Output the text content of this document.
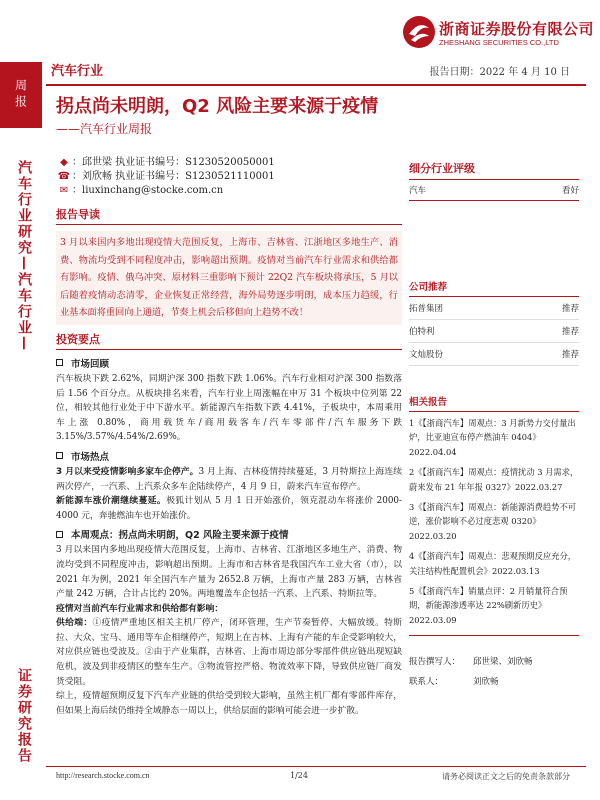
浙商证券股份有限公司
ZHESHANG SECURITIES CO.,LTD
周报
汽车行业	报告日期：2022 年 4 月 10 日
汽车行业研究—汽车行业—
证券研究报告
拐点尚未明朗，Q2 风险主要来源于疫情
——汽车行业周报
◆ ：邱世梁 执业证书编号：S1230520050001
☎ ：刘欣畅 执业证书编号：S1230521110001
✉ ：liuxinchang@stocke.com.cn
报告导读
3 月以来国内多地出现疫情大范围反复，上海市、吉林省、江浙地区多地生产、消费、物流均受到不同程度冲击，影响超出预期。疫情对当前汽车行业需求和供给都有影响。疫情、俄乌冲突、原材料三重影响下预计 22Q2 汽车板块将承压，5 月以后随着疫情动态清零，企业恢复正常经营，海外局势逐步明朗，成本压力趋缓，行业基本面将重回向上通道，节奏上机会后移但向上趋势不改！
投资要点
市场回顾
汽车板块下跌 2.62%，同期沪深 300 指数下跌 1.06%。汽车行业相对沪深 300 指数落后 1.56 个百分点。从板块排名来看，汽车行业上周涨幅在申万 31 个板块中位列第 22 位，相较其他行业处于中下游水平。新能源汽车指数下跌 4.41%，子板块中，本周乘用车上涨 0.80%，商用载货车/商用载客车/汽车零部件/汽车服务下跌 3.15%/3.57%/4.54%/2.69%。
市场热点
3 月以来受疫情影响多家车企停产。3 月上海、吉林疫情持续蔓延，3 月特斯拉上海连续两次停产，一汽系、上汽系众多车企陆续停产，4 月 9 日，蔚来汽车宣布停产。
新能源车涨价潮继续蔓延。极狐计划从 5 月 1 日开始涨价，领克混动车将涨价 2000-4000 元，奔驰燃油车也开始涨价。
本周观点：拐点尚未明朗，Q2 风险主要来源于疫情
3 月以来国内多地出现疫情大范围反复，上海市、吉林省、江浙地区多地生产、消费、物流均受到不同程度冲击，影响超出预期。上海市和吉林省是我国汽车工业大省（市），以 2021 年为例，2021 年全国汽车产量为 2652.8 万辆，上海市产量 283 万辆，吉林省产量 242 万辆，合计占比约 20%。两地覆盖车企包括一汽系、上汽系、特斯拉等。
疫情对当前汽车行业需求和供给都有影响：
供给端：①疫情严重地区相关主机厂停产，闭环管理，生产节奏暂停、大幅放缓。特斯拉、大众、宝马、通用等车企相继停产，短期上在吉林、上海有产能的车企受影响较大，对应供应链也受波及。②由于产业集群，吉林省、上海市周边部分零部件供应链出现短缺危机，波及到非疫情区的整车生产。③物流管控严格、物流效率下降，导致供应链厂商发货受阻。
综上，疫情超预期反复下汽车产业链的供给受到较大影响，虽然主机厂都有零部件库存，但如果上海后续仍维持全域静态一周以上，供给层面的影响可能会进一步扩散。
细分行业评级
汽车	看好
公司推荐
拓普集团	推荐
伯特利	推荐
文灿股份	推荐
相关报告
1《【浙商汽车】周观点：3 月新势力交付量出炉，比亚迪宣布停产燃油车 0404》2022.04.04
2《【浙商汽车】周观点：疫情扰动 3 月需求，蔚来发布 21 年年报 0327》2022.03.27
3《【浙商汽车】周观点：新能源消费趋势不可逆，涨价影响不必过度悲观 0320》2022.03.20
4《【浙商汽车】周观点：悲观预期反应充分，关注结构性配置机会》2022.03.13
5《【浙商汽车】销量点评：2 月销量符合预期，新能源渗透率达 22%刷新历史》2022.03.09
报告撰写人：	邱世梁、刘欣畅
联系人：	刘欣畅
http://research.stocke.com.cn	1/24	请务必阅读正文之后的免责条款部分
